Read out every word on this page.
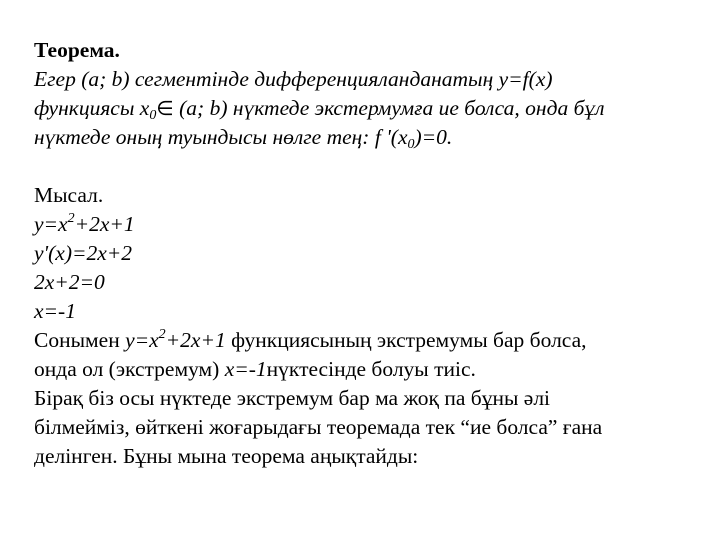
Теорема.
Егер (a; b) сегментінде дифференцияланданатың y=f(x)
функциясы $x_0\in$ (a; b) нүктеде экстермумға ие болса, онда бұл
нүктеде оның туындысы нөлге тең: f '$(x_0)=0$.
Мысал.
$y=x^2+2x+1$
y'(x)=2x+2
2x+2=0
x=-1
Сонымен $y=x^2+2x+1$ функциясының экстремумы бар болса,
онда ол (экстремум) x=-1нүктесінде болуы тиіс.
Бірақ біз осы нүктеде экстремум бар ма жоқ па бұны әлі
білмейміз, өйткені жоғарыдағы теоремада тек “ие болса” ғана
делінген. Бұны мына теорема аңықтайды:
